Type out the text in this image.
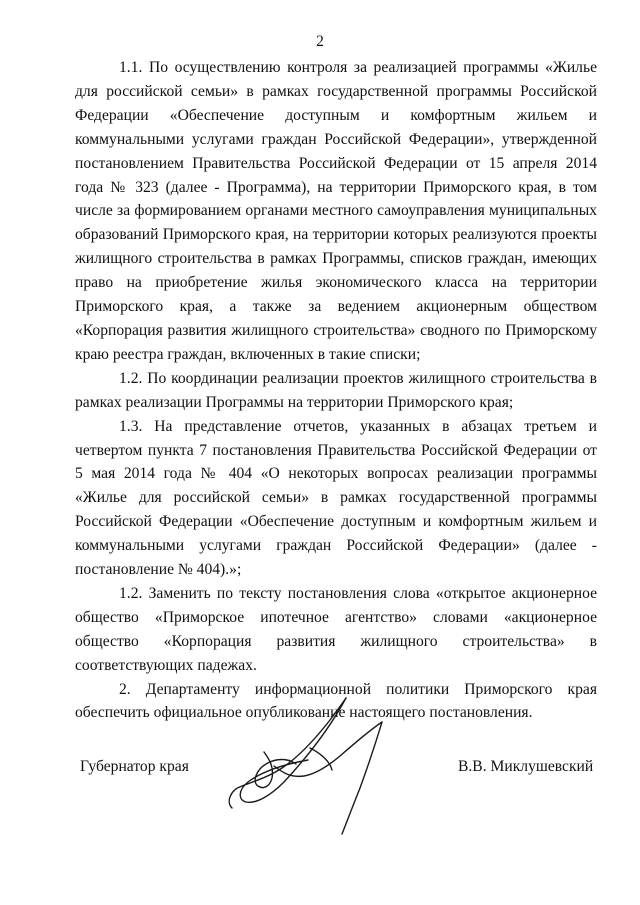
2

1.1. По осуществлению контроля за реализацией программы «Жилье для российской семьи» в рамках государственной программы Российской Федерации «Обеспечение доступным и комфортным жильем и коммунальными услугами граждан Российской Федерации», утвержденной постановлением Правительства Российской Федерации от 15 апреля 2014 года № 323 (далее - Программа), на территории Приморского края, в том числе за формированием органами местного самоуправления муниципальных образований Приморского края, на территории которых реализуются проекты жилищного строительства в рамках Программы, списков граждан, имеющих право на приобретение жилья экономического класса на территории Приморского края, а также за ведением акционерным обществом «Корпорация развития жилищного строительства» сводного по Приморскому краю реестра граждан, включенных в такие списки;

1.2. По координации реализации проектов жилищного строительства в рамках реализации Программы на территории Приморского края;

1.3. На представление отчетов, указанных в абзацах третьем и четвертом пункта 7 постановления Правительства Российской Федерации от 5 мая 2014 года № 404 «О некоторых вопросах реализации программы «Жилье для российской семьи» в рамках государственной программы Российской Федерации «Обеспечение доступным и комфортным жильем и коммунальными услугами граждан Российской Федерации» (далее - постановление № 404).»;

1.2. Заменить по тексту постановления слова «открытое акционерное общество «Приморское ипотечное агентство» словами «акционерное общество «Корпорация развития жилищного строительства» в соответствующих падежах.

2. Департаменту информационной политики Приморского края обеспечить официальное опубликование настоящего постановления.

Губернатор края	В.В. Миклушевский
